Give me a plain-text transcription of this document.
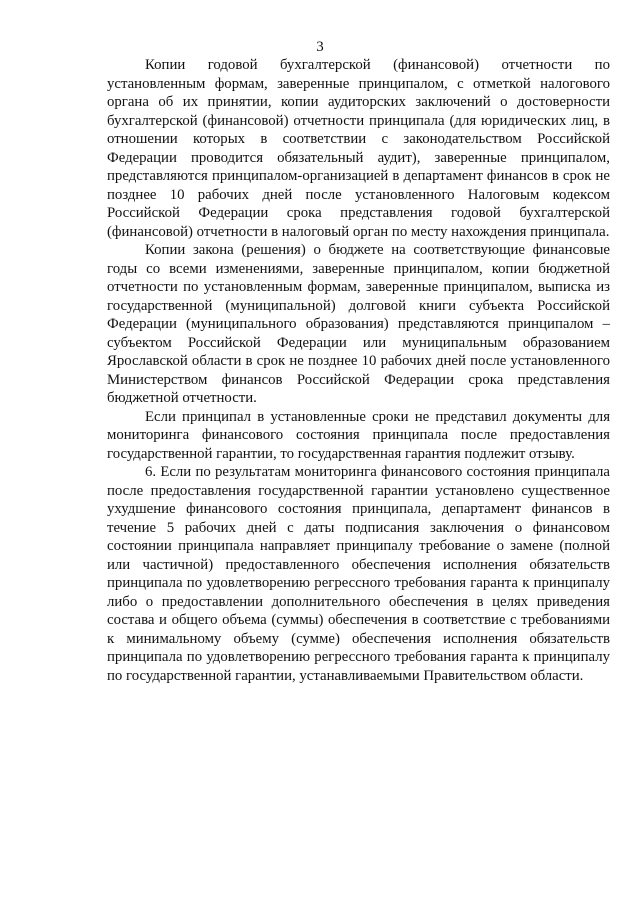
3

Копии годовой бухгалтерской (финансовой) отчетности по установленным формам, заверенные принципалом, с отметкой налогового органа об их принятии, копии аудиторских заключений о достоверности бухгалтерской (финансовой) отчетности принципала (для юридических лиц, в отношении которых в соответствии с законодательством Российской Федерации проводится обязательный аудит), заверенные принципалом, представляются принципалом-организацией в департамент финансов в срок не позднее 10 рабочих дней после установленного Налоговым кодексом Российской Федерации срока представления годовой бухгалтерской (финансовой) отчетности в налоговый орган по месту нахождения принципала.

Копии закона (решения) о бюджете на соответствующие финансовые годы со всеми изменениями, заверенные принципалом, копии бюджетной отчетности по установленным формам, заверенные принципалом, выписка из государственной (муниципальной) долговой книги субъекта Российской Федерации (муниципального образования) представляются принципалом – субъектом Российской Федерации или муниципальным образованием Ярославской области в срок не позднее 10 рабочих дней после установленного Министерством финансов Российской Федерации срока представления бюджетной отчетности.

Если принципал в установленные сроки не представил документы для мониторинга финансового состояния принципала после предоставления государственной гарантии, то государственная гарантия подлежит отзыву.

6. Если по результатам мониторинга финансового состояния принципала после предоставления государственной гарантии установлено существенное ухудшение финансового состояния принципала, департамент финансов в течение 5 рабочих дней с даты подписания заключения о финансовом состоянии принципала направляет принципалу требование о замене (полной или частичной) предоставленного обеспечения исполнения обязательств принципала по удовлетворению регрессного требования гаранта к принципалу либо о предоставлении дополнительного обеспечения в целях приведения состава и общего объема (суммы) обеспечения в соответствие с требованиями к минимальному объему (сумме) обеспечения исполнения обязательств принципала по удовлетворению регрессного требования гаранта к принципалу по государственной гарантии, устанавливаемыми Правительством области.
